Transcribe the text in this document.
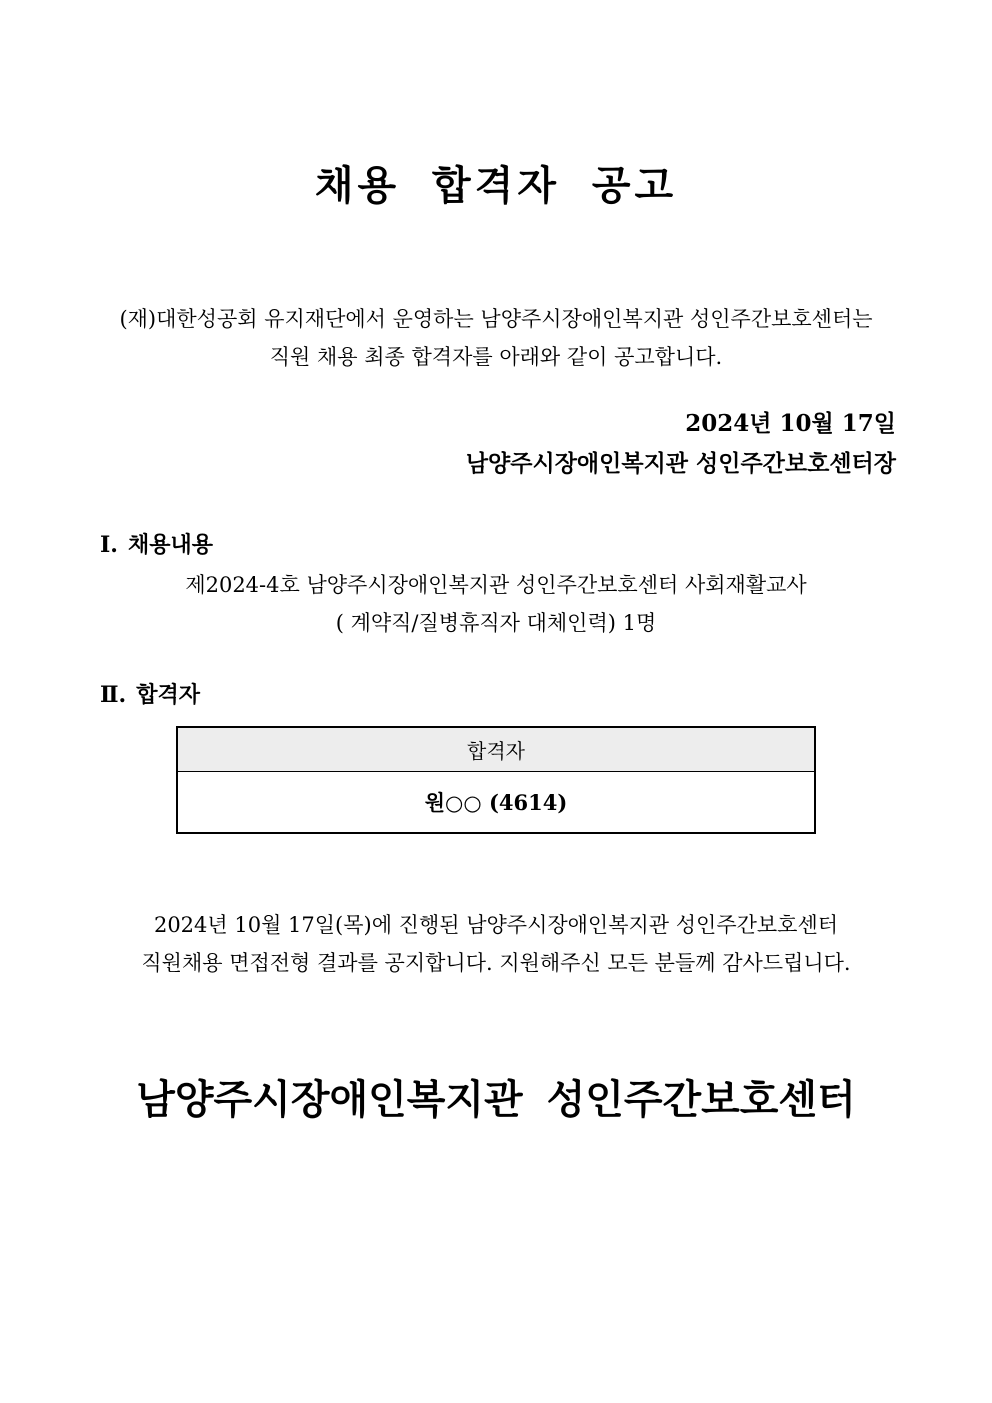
채용 합격자 공고
(재)대한성공회 유지재단에서 운영하는 남양주시장애인복지관 성인주간보호센터는
직원 채용 최종 합격자를 아래와 같이 공고합니다.
2024년 10월 17일
남양주시장애인복지관 성인주간보호센터장
Ⅰ. 채용내용
제2024-4호 남양주시장애인복지관 성인주간보호센터 사회재활교사
( 계약직/질병휴직자 대체인력) 1명
Ⅱ. 합격자
합격자
원○○ (4614)
2024년 10월 17일(목)에 진행된 남양주시장애인복지관 성인주간보호센터
직원채용 면접전형 결과를 공지합니다. 지원해주신 모든 분들께 감사드립니다.
남양주시장애인복지관 성인주간보호센터
